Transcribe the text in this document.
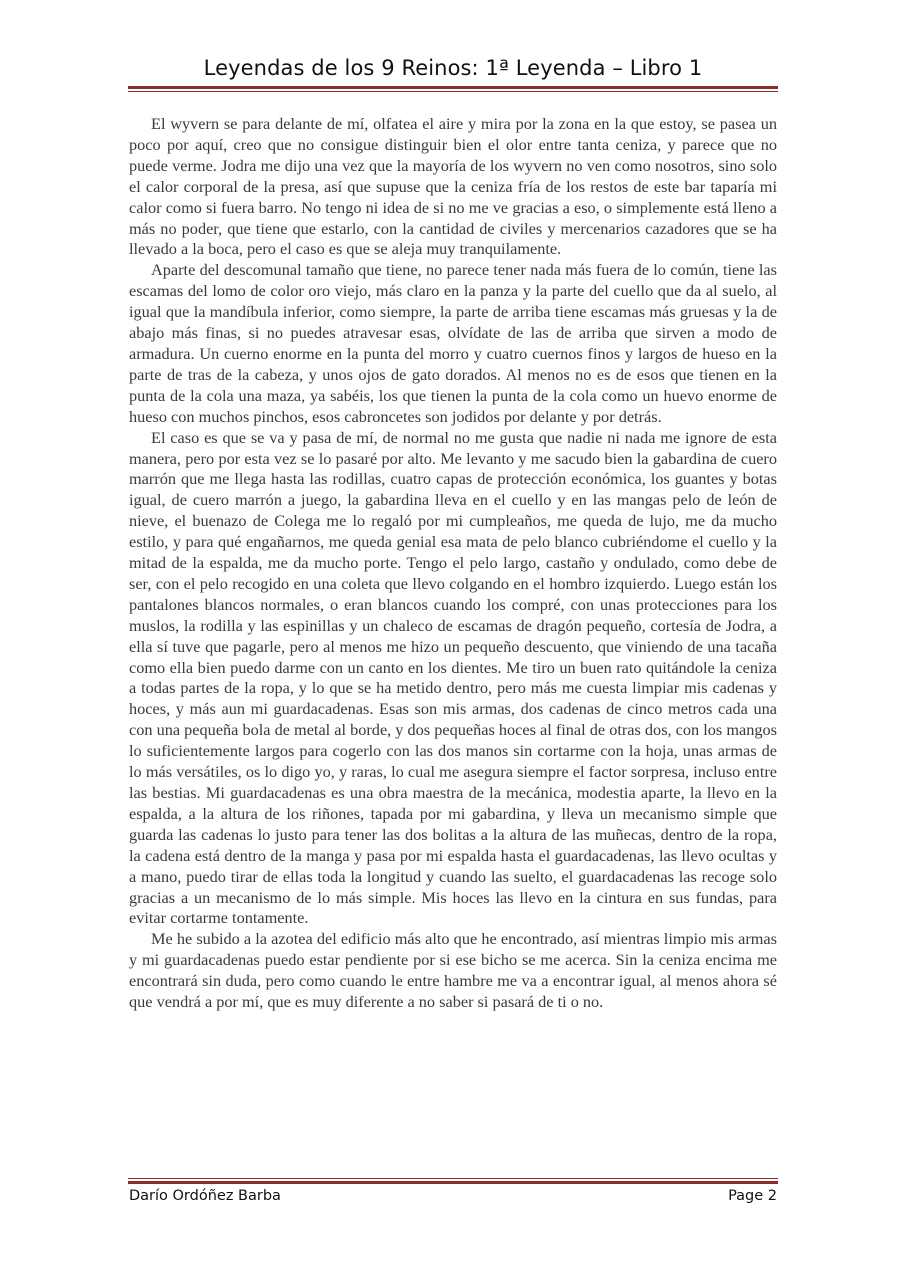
Leyendas de los 9 Reinos: 1ª Leyenda – Libro 1

El wyvern se para delante de mí, olfatea el aire y mira por la zona en la que estoy, se pasea un poco por aquí, creo que no consigue distinguir bien el olor entre tanta ceniza, y parece que no puede verme. Jodra me dijo una vez que la mayoría de los wyvern no ven como nosotros, sino solo el calor corporal de la presa, así que supuse que la ceniza fría de los restos de este bar taparía mi calor como si fuera barro. No tengo ni idea de si no me ve gracias a eso, o simplemente está lleno a más no poder, que tiene que estarlo, con la cantidad de civiles y mercenarios cazadores que se ha llevado a la boca, pero el caso es que se aleja muy tranquilamente.

Aparte del descomunal tamaño que tiene, no parece tener nada más fuera de lo común, tiene las escamas del lomo de color oro viejo, más claro en la panza y la parte del cuello que da al suelo, al igual que la mandíbula inferior, como siempre, la parte de arriba tiene escamas más gruesas y la de abajo más finas, si no puedes atravesar esas, olvídate de las de arriba que sirven a modo de armadura. Un cuerno enorme en la punta del morro y cuatro cuernos finos y largos de hueso en la parte de tras de la cabeza, y unos ojos de gato dorados. Al menos no es de esos que tienen en la punta de la cola una maza, ya sabéis, los que tienen la punta de la cola como un huevo enorme de hueso con muchos pinchos, esos cabroncetes son jodidos por delante y por detrás.

El caso es que se va y pasa de mí, de normal no me gusta que nadie ni nada me ignore de esta manera, pero por esta vez se lo pasaré por alto. Me levanto y me sacudo bien la gabardina de cuero marrón que me llega hasta las rodillas, cuatro capas de protección económica, los guantes y botas igual, de cuero marrón a juego, la gabardina lleva en el cuello y en las mangas pelo de león de nieve, el buenazo de Colega me lo regaló por mi cumpleaños, me queda de lujo, me da mucho estilo, y para qué engañarnos, me queda genial esa mata de pelo blanco cubriéndome el cuello y la mitad de la espalda, me da mucho porte. Tengo el pelo largo, castaño y ondulado, como debe de ser, con el pelo recogido en una coleta que llevo colgando en el hombro izquierdo. Luego están los pantalones blancos normales, o eran blancos cuando los compré, con unas protecciones para los muslos, la rodilla y las espinillas y un chaleco de escamas de dragón pequeño, cortesía de Jodra, a ella sí tuve que pagarle, pero al menos me hizo un pequeño descuento, que viniendo de una tacaña como ella bien puedo darme con un canto en los dientes. Me tiro un buen rato quitándole la ceniza a todas partes de la ropa, y lo que se ha metido dentro, pero más me cuesta limpiar mis cadenas y hoces, y más aun mi guardacadenas. Esas son mis armas, dos cadenas de cinco metros cada una con una pequeña bola de metal al borde, y dos pequeñas hoces al final de otras dos, con los mangos lo suficientemente largos para cogerlo con las dos manos sin cortarme con la hoja, unas armas de lo más versátiles, os lo digo yo, y raras, lo cual me asegura siempre el factor sorpresa, incluso entre las bestias. Mi guardacadenas es una obra maestra de la mecánica, modestia aparte, la llevo en la espalda, a la altura de los riñones, tapada por mi gabardina, y lleva un mecanismo simple que guarda las cadenas lo justo para tener las dos bolitas a la altura de las muñecas, dentro de la ropa, la cadena está dentro de la manga y pasa por mi espalda hasta el guardacadenas, las llevo ocultas y a mano, puedo tirar de ellas toda la longitud y cuando las suelto, el guardacadenas las recoge solo gracias a un mecanismo de lo más simple. Mis hoces las llevo en la cintura en sus fundas, para evitar cortarme tontamente.

Me he subido a la azotea del edificio más alto que he encontrado, así mientras limpio mis armas y mi guardacadenas puedo estar pendiente por si ese bicho se me acerca. Sin la ceniza encima me encontrará sin duda, pero como cuando le entre hambre me va a encontrar igual, al menos ahora sé que vendrá a por mí, que es muy diferente a no saber si pasará de ti o no.

Darío Ordóñez Barba	Page 2
